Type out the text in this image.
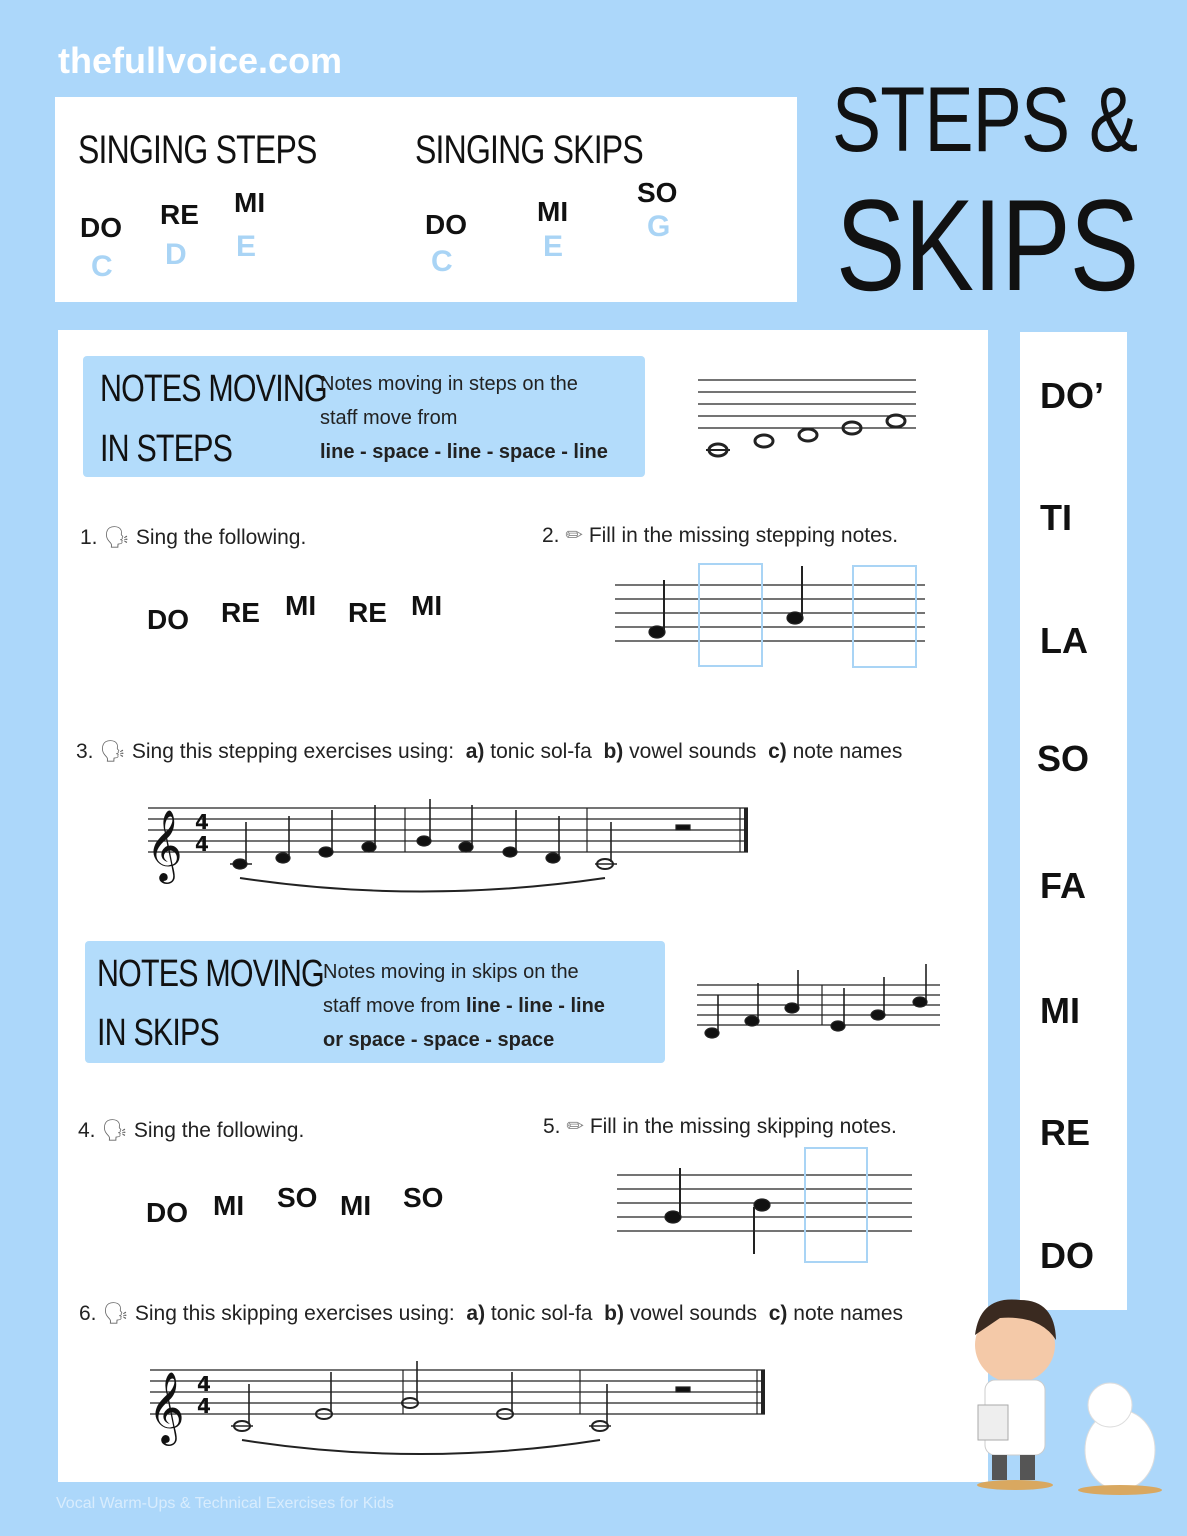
thefullvoice.com
SINGING STEPS
DO
C
RE
D
MI
E
SINGING SKIPS
DO
C
MI
E
SO
G
STEPS &
SKIPS
DO’
TI
LA
SO
FA
MI
RE
DO
NOTES MOVING
IN STEPS
Notes moving in steps on the
staff move from
line - space - line - space - line
NOTES MOVING
IN SKIPS
Notes moving in skips on the
staff move from line - line - line
or space - space - space
1. 🗣 Sing the following.
DO RE MI RE MI
2. ✏ Fill in the missing stepping notes.
3. 🗣 Sing this stepping exercises using: a) tonic sol-fa b) vowel sounds c) note names
4. 🗣 Sing the following.
DO MI SO MI SO
5. ✏ Fill in the missing skipping notes.
6. 🗣 Sing this skipping exercises using: a) tonic sol-fa b) vowel sounds c) note names
𝄞 4
4
𝄞 4
4
Vocal Warm-Ups & Technical Exercises for Kids
